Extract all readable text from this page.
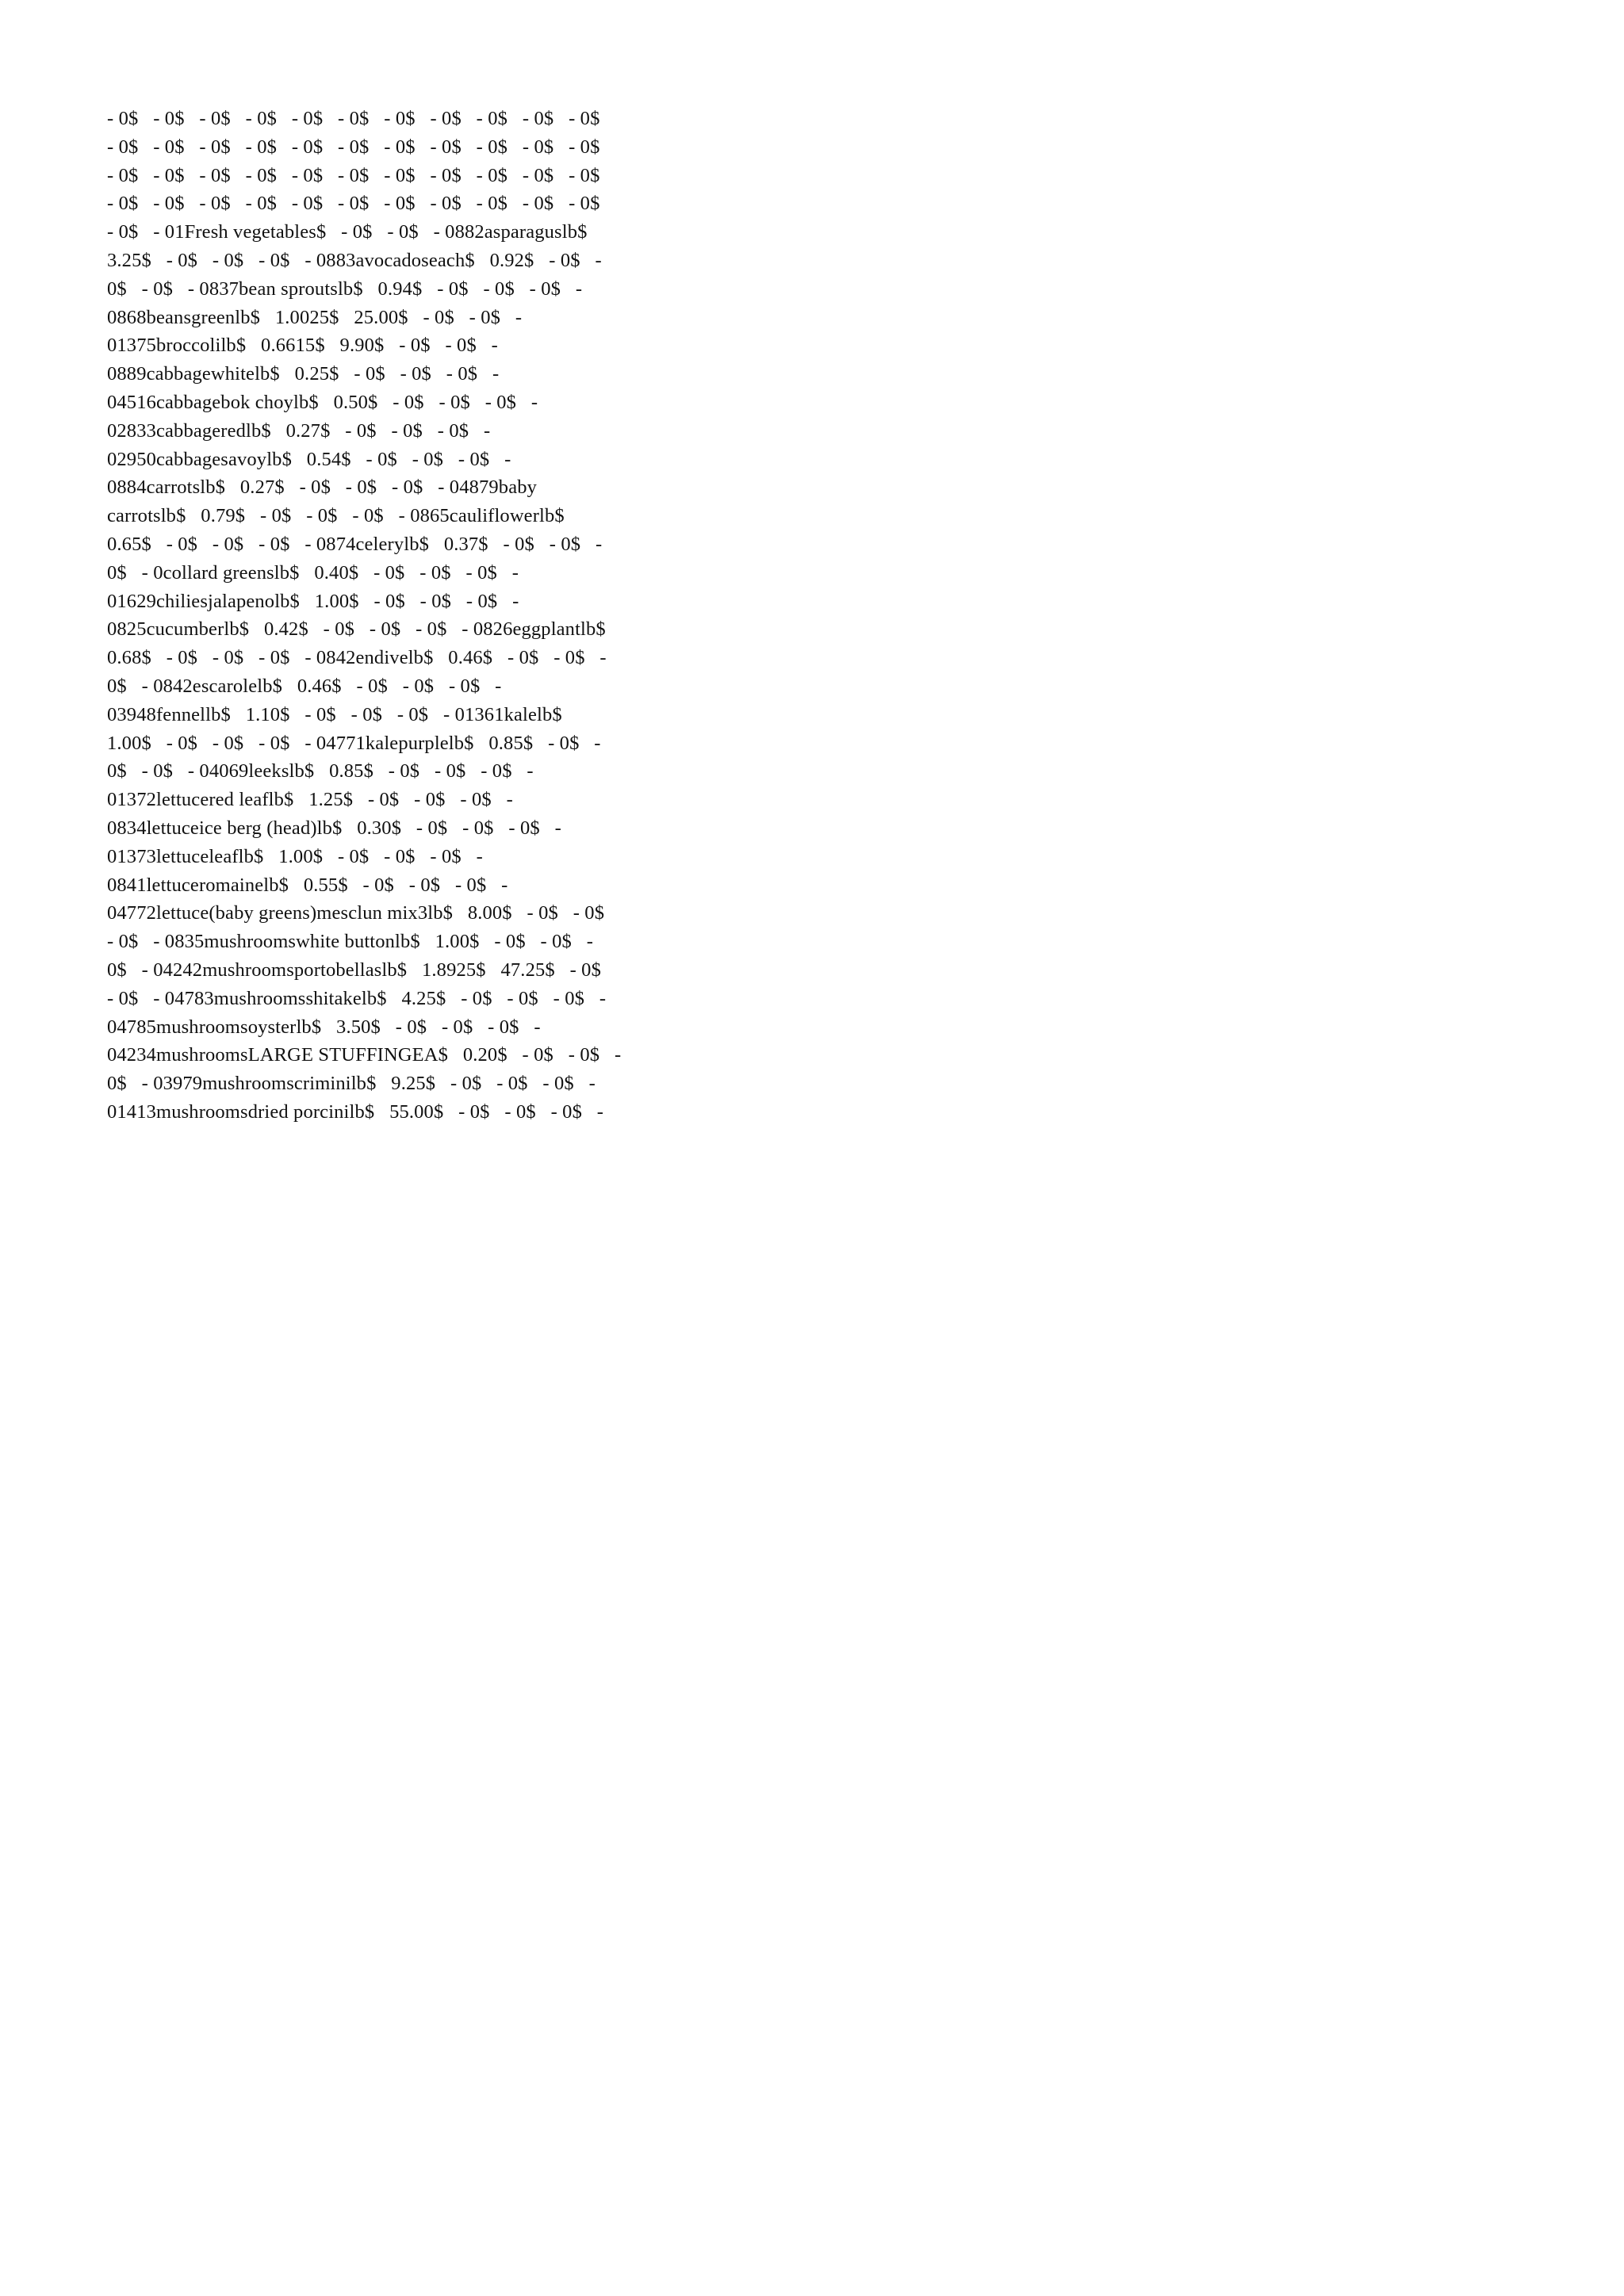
- 0$   - 0$   - 0$   - 0$   - 0$   - 0$   - 0$   - 0$   - 0$   - 0$   - 0$
- 0$   - 0$   - 0$   - 0$   - 0$   - 0$   - 0$   - 0$   - 0$   - 0$   - 0$
- 0$   - 0$   - 0$   - 0$   - 0$   - 0$   - 0$   - 0$   - 0$   - 0$   - 0$
- 0$   - 0$   - 0$   - 0$   - 0$   - 0$   - 0$   - 0$   - 0$   - 0$   - 0$
- 0$   - 01Fresh vegetables$   - 0$   - 0$   - 0882asparaguslb$
3.25$   - 0$   - 0$   - 0$   - 0883avocadoseach$   0.92$   - 0$   -
0$   - 0$   - 0837bean sproutslb$   0.94$   - 0$   - 0$   - 0$   -
0868beansgreenlb$   1.0025$   25.00$   - 0$   - 0$   -
01375broccolilb$   0.6615$   9.90$   - 0$   - 0$   -
0889cabbagewhitelb$   0.25$   - 0$   - 0$   - 0$   -
04516cabbagebok choylb$   0.50$   - 0$   - 0$   - 0$   -
02833cabbageredlb$   0.27$   - 0$   - 0$   - 0$   -
02950cabbagesavoylb$   0.54$   - 0$   - 0$   - 0$   -
0884carrotslb$   0.27$   - 0$   - 0$   - 0$   - 04879baby
carrotslb$   0.79$   - 0$   - 0$   - 0$   - 0865cauliflowerlb$
0.65$   - 0$   - 0$   - 0$   - 0874celerylb$   0.37$   - 0$   - 0$   -
0$   - 0collard greenslb$   0.40$   - 0$   - 0$   - 0$   -
01629chiliesjalapenolb$   1.00$   - 0$   - 0$   - 0$   -
0825cucumberlb$   0.42$   - 0$   - 0$   - 0$   - 0826eggplantlb$
0.68$   - 0$   - 0$   - 0$   - 0842endivelb$   0.46$   - 0$   - 0$   -
0$   - 0842escarolelb$   0.46$   - 0$   - 0$   - 0$   -
03948fennellb$   1.10$   - 0$   - 0$   - 0$   - 01361kalelb$
1.00$   - 0$   - 0$   - 0$   - 04771kalepurplelb$   0.85$   - 0$   -
0$   - 0$   - 04069leekslb$   0.85$   - 0$   - 0$   - 0$   -
01372lettucered leaflb$   1.25$   - 0$   - 0$   - 0$   -
0834lettuceice berg (head)lb$   0.30$   - 0$   - 0$   - 0$   -
01373lettuceleaflb$   1.00$   - 0$   - 0$   - 0$   -
0841lettuceromainelb$   0.55$   - 0$   - 0$   - 0$   -
04772lettuce(baby greens)mesclun mix3lb$   8.00$   - 0$   - 0$
- 0$   - 0835mushroomswhite buttonlb$   1.00$   - 0$   - 0$   -
0$   - 04242mushroomsportobellaslb$   1.8925$   47.25$   - 0$
- 0$   - 04783mushroomsshitakelb$   4.25$   - 0$   - 0$   - 0$   -
04785mushroomsoysterlb$   3.50$   - 0$   - 0$   - 0$   -
04234mushroomsLARGE STUFFINGEA$   0.20$   - 0$   - 0$   -
0$   - 03979mushroomscriminilb$   9.25$   - 0$   - 0$   - 0$   -
01413mushroomsdried porcinilb$   55.00$   - 0$   - 0$   - 0$   -
